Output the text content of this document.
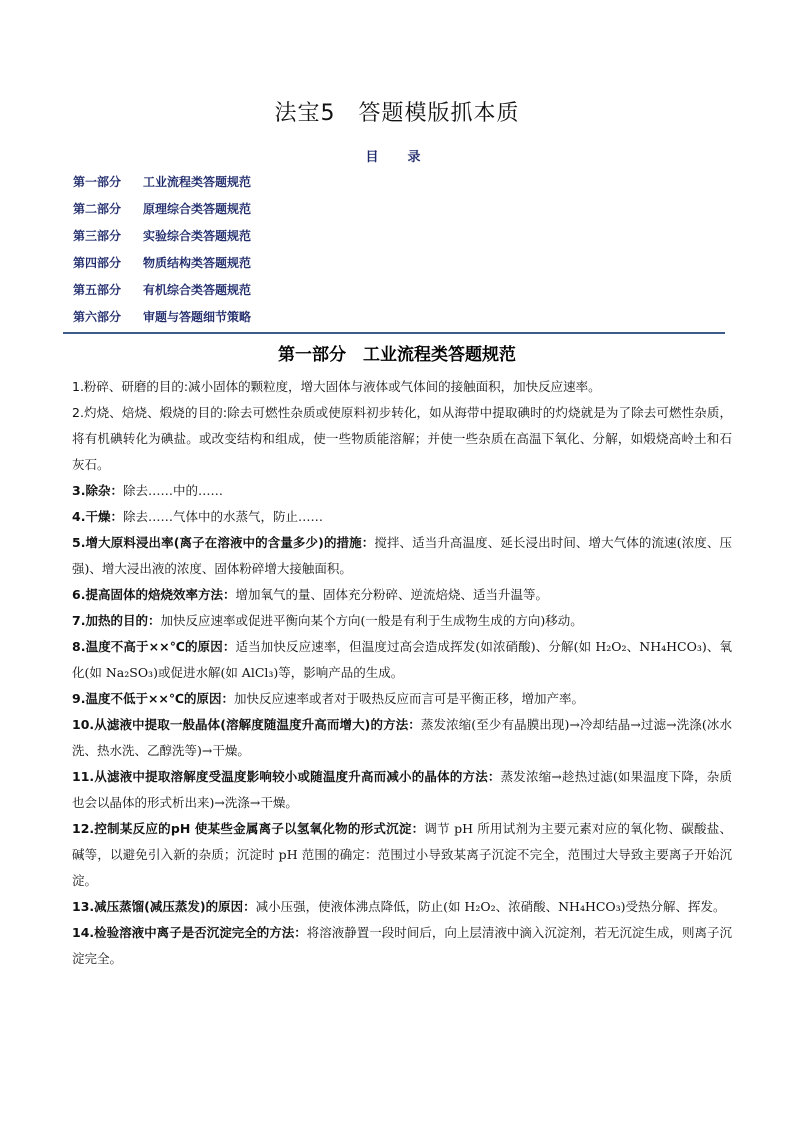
法宝5　答题模版抓本质
目　录
第一部分 工业流程类答题规范
第二部分 原理综合类答题规范
第三部分 实验综合类答题规范
第四部分 物质结构类答题规范
第五部分 有机综合类答题规范
第六部分 审题与答题细节策略
第一部分　工业流程类答题规范

1.粉碎、研磨的目的:减小固体的颗粒度，增大固体与液体或气体间的接触面积，加快反应速率。

2.灼烧、焙烧、煅烧的目的:除去可燃性杂质或使原料初步转化，如从海带中提取碘时的灼烧就是为了除去可燃性杂质，将有机碘转化为碘盐。或改变结构和组成，使一些物质能溶解；并使一些杂质在高温下氧化、分解，如煅烧高岭土和石灰石。

3.除杂：除去……中的……

4.干燥：除去……气体中的水蒸气，防止……

5.增大原料浸出率(离子在溶液中的含量多少)的措施：搅拌、适当升高温度、延长浸出时间、增大气体的流速(浓度、压强)、增大浸出液的浓度、固体粉碎增大接触面积。

6.提高固体的焙烧效率方法：增加氧气的量、固体充分粉碎、逆流焙烧、适当升温等。

7.加热的目的：加快反应速率或促进平衡向某个方向(一般是有利于生成物生成的方向)移动。

8.温度不高于××℃的原因：适当加快反应速率，但温度过高会造成挥发(如浓硝酸)、分解(如 H₂O₂、NH₄HCO₃)、氧化(如 Na₂SO₃)或促进水解(如 AlCl₃)等，影响产品的生成。

9.温度不低于××℃的原因：加快反应速率或者对于吸热反应而言可是平衡正移，增加产率。

10.从滤液中提取一般晶体(溶解度随温度升高而增大)的方法：蒸发浓缩(至少有晶膜出现)→冷却结晶→过滤→洗涤(冰水洗、热水洗、乙醇洗等)→干燥。

11.从滤液中提取溶解度受温度影响较小或随温度升高而减小的晶体的方法：蒸发浓缩→趁热过滤(如果温度下降，杂质也会以晶体的形式析出来)→洗涤→干燥。

12.控制某反应的pH 使某些金属离子以氢氧化物的形式沉淀：调节 pH 所用试剂为主要元素对应的氧化物、碳酸盐、碱等，以避免引入新的杂质；沉淀时 pH 范围的确定：范围过小导致某离子沉淀不完全，范围过大导致主要离子开始沉淀。

13.减压蒸馏(减压蒸发)的原因：减小压强，使液体沸点降低，防止(如 H₂O₂、浓硝酸、NH₄HCO₃)受热分解、挥发。

14.检验溶液中离子是否沉淀完全的方法：将溶液静置一段时间后，向上层清液中滴入沉淀剂，若无沉淀生成，则离子沉淀完全。
